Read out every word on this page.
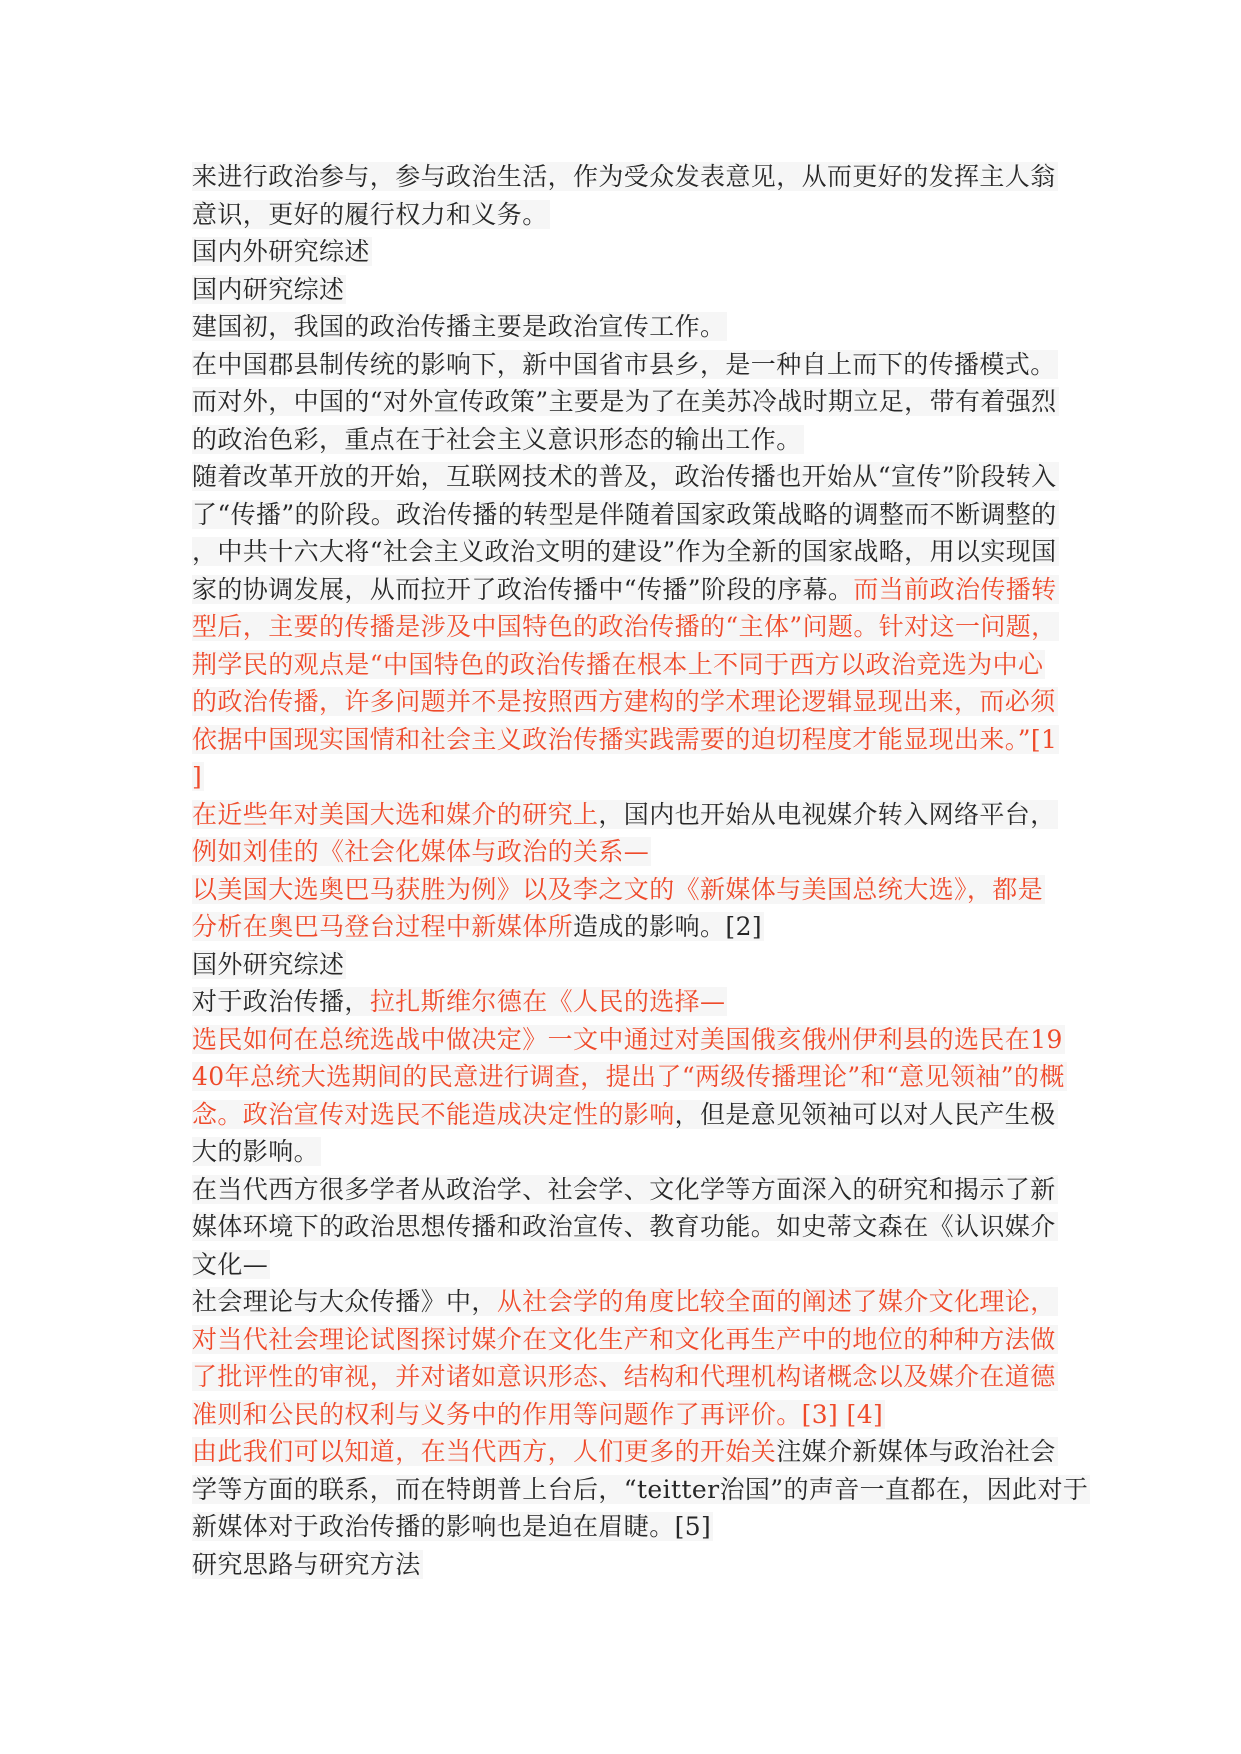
来进行政治参与，参与政治生活，作为受众发表意见，从而更好的发挥主人翁
意识，更好的履行权力和义务。
国内外研究综述
国内研究综述
建国初，我国的政治传播主要是政治宣传工作。
在中国郡县制传统的影响下，新中国省市县乡，是一种自上而下的传播模式。
而对外，中国的“对外宣传政策”主要是为了在美苏冷战时期立足，带有着强烈
的政治色彩，重点在于社会主义意识形态的输出工作。
随着改革开放的开始，互联网技术的普及，政治传播也开始从“宣传”阶段转入
了“传播”的阶段。政治传播的转型是伴随着国家政策战略的调整而不断调整的
，中共十六大将“社会主义政治文明的建设”作为全新的国家战略，用以实现国
家的协调发展，从而拉开了政治传播中“传播”阶段的序幕。而当前政治传播转
型后，主要的传播是涉及中国特色的政治传播的“主体”问题。针对这一问题，
荆学民的观点是“中国特色的政治传播在根本上不同于西方以政治竞选为中心
的政治传播，许多问题并不是按照西方建构的学术理论逻辑显现出来，而必须
依据中国现实国情和社会主义政治传播实践需要的迫切程度才能显现出来。”[1
]
在近些年对美国大选和媒介的研究上，国内也开始从电视媒介转入网络平台，
例如刘佳的《社会化媒体与政治的关系—
以美国大选奥巴马获胜为例》以及李之文的《新媒体与美国总统大选》，都是
分析在奥巴马登台过程中新媒体所造成的影响。[2]
国外研究综述
对于政治传播，拉扎斯维尔德在《人民的选择—
选民如何在总统选战中做决定》一文中通过对美国俄亥俄州伊利县的选民在19
40年总统大选期间的民意进行调查，提出了“两级传播理论”和“意见领袖”的概
念。政治宣传对选民不能造成决定性的影响，但是意见领袖可以对人民产生极
大的影响。
在当代西方很多学者从政治学、社会学、文化学等方面深入的研究和揭示了新
媒体环境下的政治思想传播和政治宣传、教育功能。如史蒂文森在《认识媒介
文化—
社会理论与大众传播》中，从社会学的角度比较全面的阐述了媒介文化理论，
对当代社会理论试图探讨媒介在文化生产和文化再生产中的地位的种种方法做
了批评性的审视，并对诸如意识形态、结构和代理机构诸概念以及媒介在道德
准则和公民的权利与义务中的作用等问题作了再评价。[3] [4]
由此我们可以知道，在当代西方，人们更多的开始关注媒介新媒体与政治社会
学等方面的联系，而在特朗普上台后，“teitter治国”的声音一直都在，因此对于
新媒体对于政治传播的影响也是迫在眉睫。[5]
研究思路与研究方法
